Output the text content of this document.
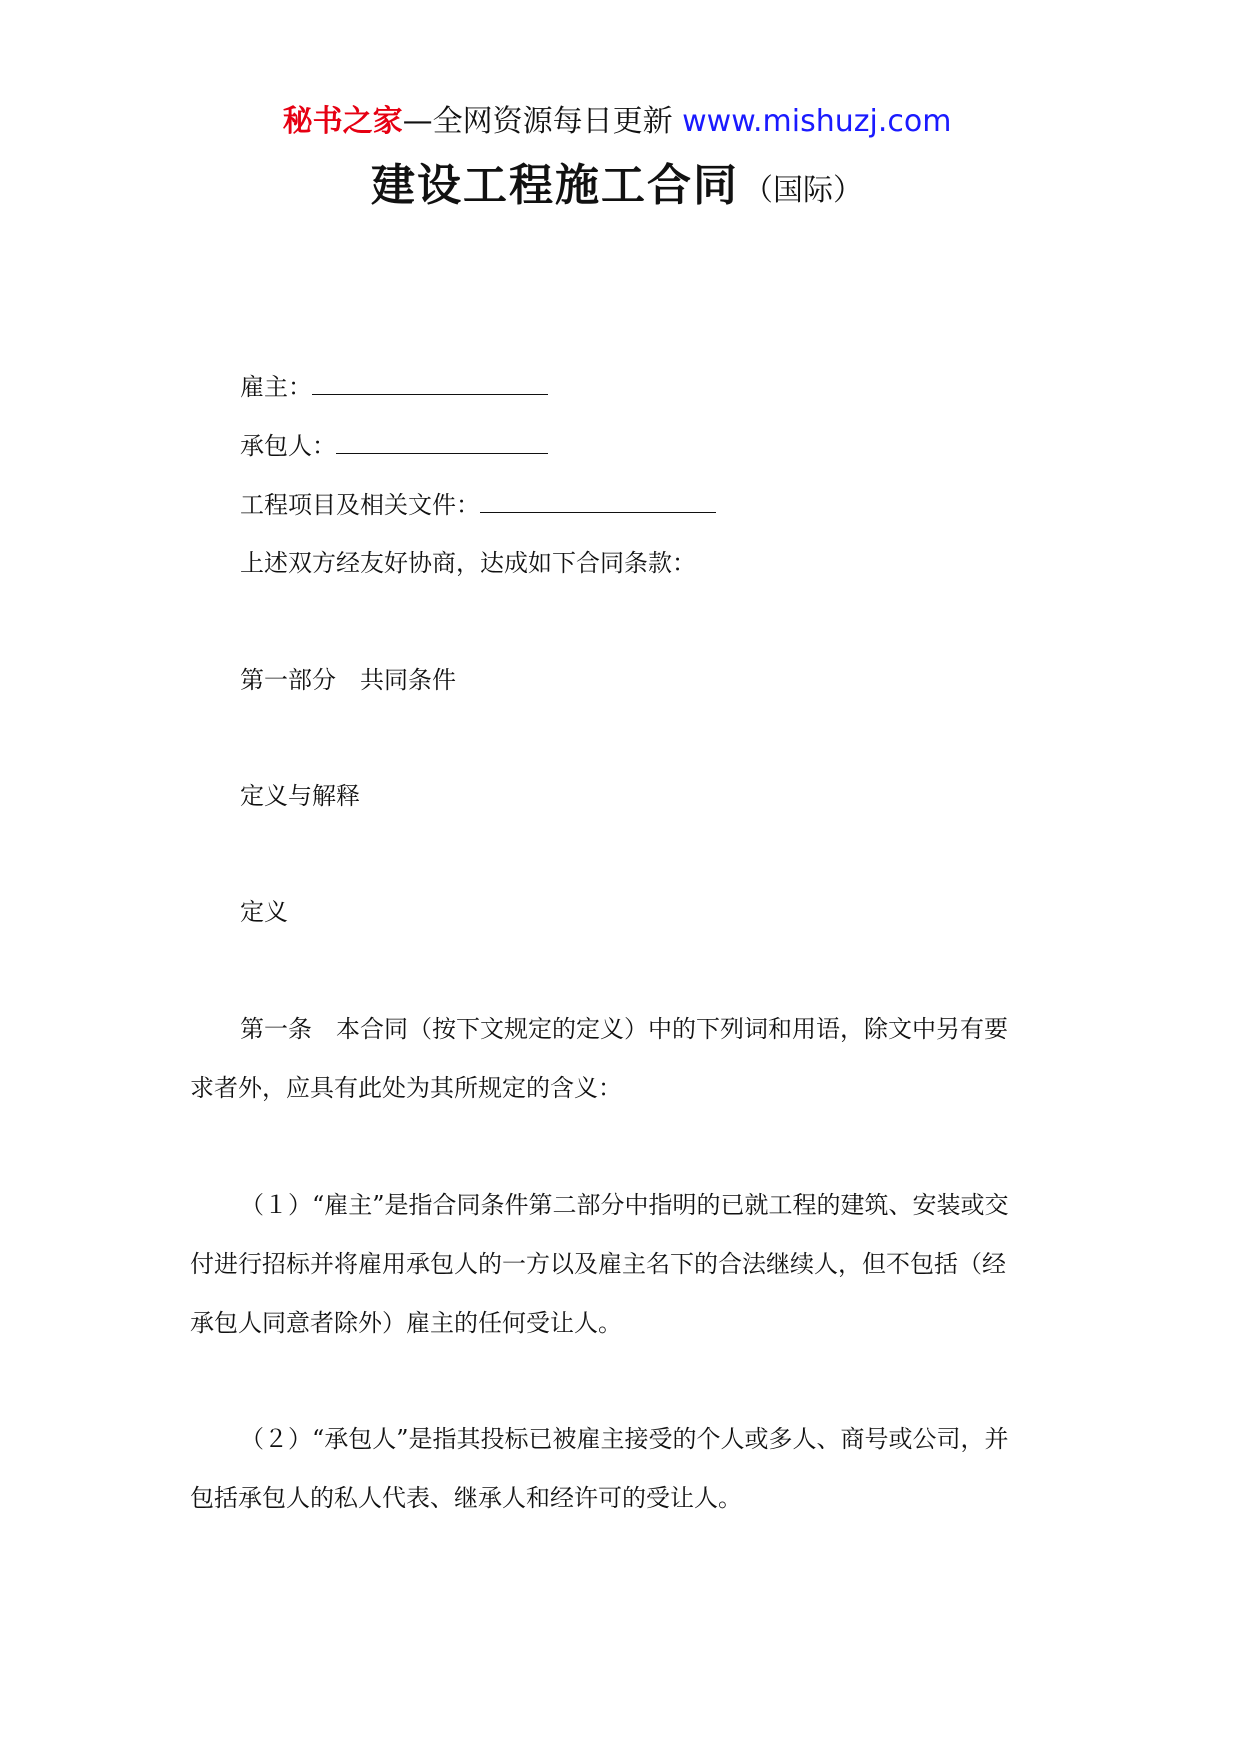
秘书之家—全网资源每日更新 www.mishuzj.com
建设工程施工合同 （国际）
雇主：
承包人：
工程项目及相关文件：
上述双方经友好协商，达成如下合同条款：
第一部分　共同条件
定义与解释
定义
第一条　本合同（按下文规定的定义）中的下列词和用语，除文中另有要
求者外，应具有此处为其所规定的含义：
（１）“雇主”是指合同条件第二部分中指明的已就工程的建筑、安装或交
付进行招标并将雇用承包人的一方以及雇主名下的合法继续人，但不包括（经
承包人同意者除外）雇主的任何受让人。
（２）“承包人”是指其投标已被雇主接受的个人或多人、商号或公司，并
包括承包人的私人代表、继承人和经许可的受让人。
